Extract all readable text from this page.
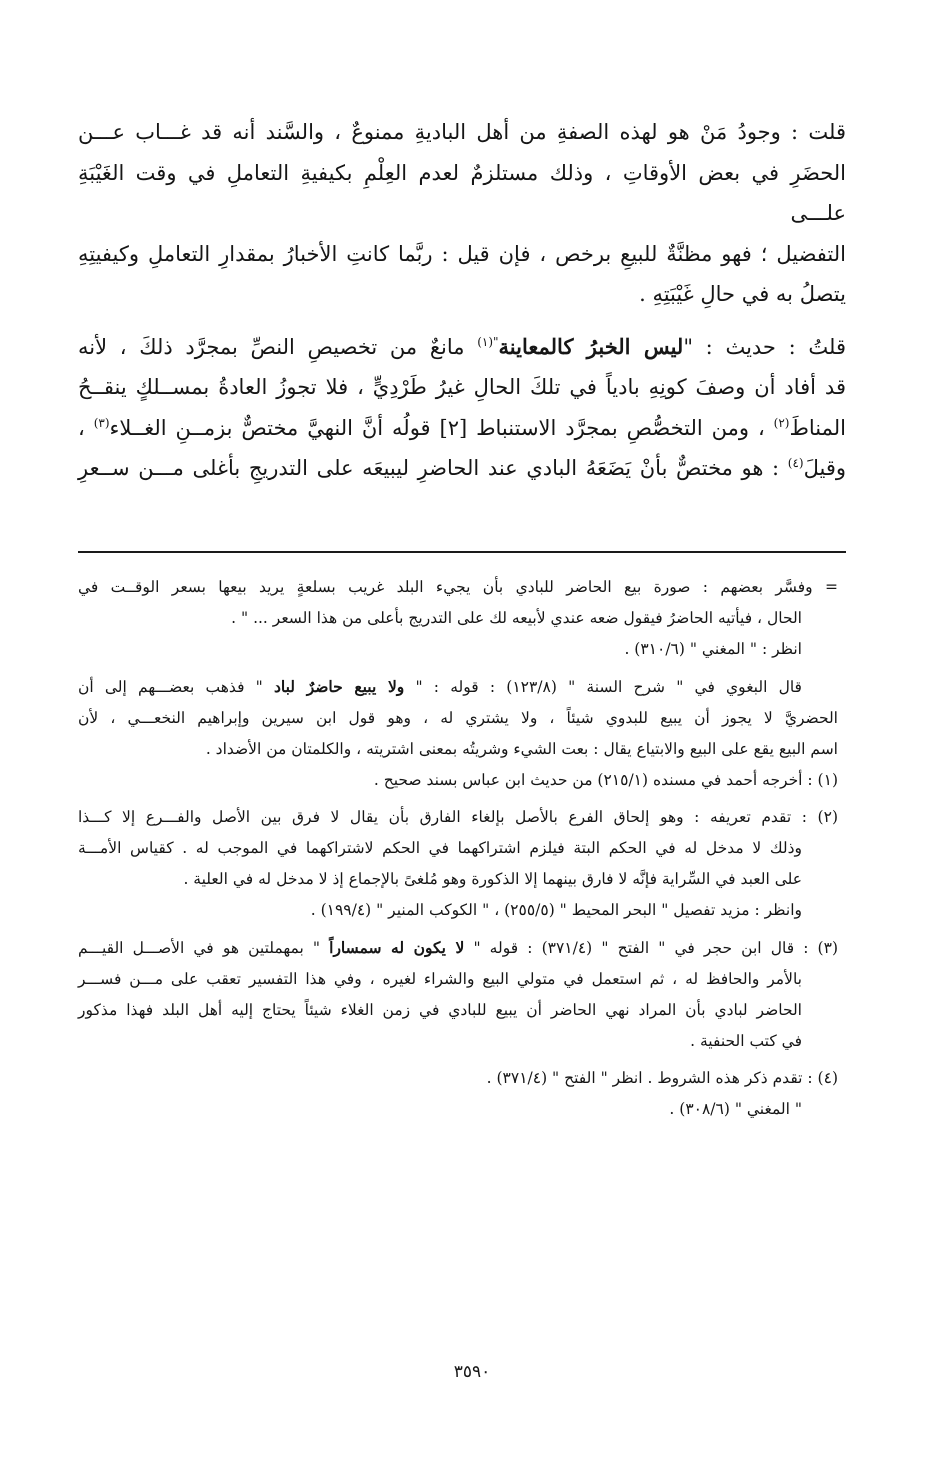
قلت : وجودُ مَنْ هو لهذه الصفةِ من أهل الباديةِ ممنوعٌ ، والسَّند أنه قد غـــاب عـــن

الحضَرِ في بعض الأوقاتِ ، وذلك مستلزمٌ لعدم العِلْمِ بكيفيةِ التعاملِ في وقت الغَيْبَةِ علـــى

التفضيل ؛ فهو مظنَّةٌ للبيعِ برخص ، فإن قيل : ربَّما كانتِ الأخبارُ بمقدارِ التعاملِ وكيفيتِهِ

يتصلُ به في حالِ غَيْبَتِهِ .

قلتُ : حديث : "ليس الخبرُ كالمعاينة$^{"(١)}$ مانعٌ من تخصيصِ النصِّ بمجرَّد ذلكَ ، لأنه

قد أفاد أن وصفَ كونِهِ بادياً في تلكَ الحالِ غيرُ طَرْدِيٍّ ، فلا تجوزُ العادةُ بمســلكٍ ينقــحُ

المناطَ$^{(٢)}$ ، ومن التخصُّصِ بمجرَّد الاستنباط [٢] قولُه أنَّ النهيَّ مختصٌّ بزمــنِ الغــلاء$^{(٣)}$ ،

وقيلَ$^{(٤)}$ : هو مختصٌّ بأنْ يَضَعَهُ البادي عند الحاضرِ ليبيعَه على التدريجِ بأغلى مـــن ســعرِ

= وفسَّر بعضهم : صورة بيع الحاضر للبادي بأن يجيء البلد غريب بسلعةٍ يريد بيعها بسعر الوقــت في

الحال ، فيأتيه الحاضرُ فيقول ضعه عندي لأبيعه لك على التدريج بأعلى من هذا السعر ... " .

انظر : " المغني " (٣١٠/٦) .

قال البغوي في " شرح السنة " (١٢٣/٨) : قوله : " ولا يبيع حاضرٌ لباد " فذهب بعضـــهم إلى أن

الحضريَّ لا يجوز أن يبيع للبدوي شيئاً ، ولا يشتري له ، وهو قول ابن سيرين وإبراهيم النخعـــي ، لأن

اسم البيع يقع على البيع والابتياع يقال : بعت الشيء وشريتُه بمعنى اشتريته ، والكلمتان من الأضداد .

(١) : أخرجه أحمد في مسنده (٢١٥/١) من حديث ابن عباس بسند صحيح .

(٢) : تقدم تعريفه : وهو إلحاق الفرع بالأصل بإلغاء الفارق بأن يقال لا فرق بين الأصل والفـــرع إلا كـــذا

وذلك لا مدخل له في الحكم البتة فيلزم اشتراكهما في الحكم لاشتراكهما في الموجب له . كقياس الأمـــة

على العبد في السِّراية فإنَّه لا فارق بينهما إلا الذكورة وهو مُلغىً بالإجماع إذ لا مدخل له في العلية .

وانظر : مزيد تفصيل " البحر المحيط " (٢٥٥/٥) ، " الكوكب المنير " (١٩٩/٤) .

(٣) : قال ابن حجر في " الفتح " (٣٧١/٤) : قوله " لا يكون له سمساراً " بمهملتين هو في الأصـــل القيـــم

بالأمر والحافظ له ، ثم استعمل في متولي البيع والشراء لغيره ، وفي هذا التفسير تعقب على مـــن فســـر

الحاضر لبادي بأن المراد نهي الحاضر أن يبيع للبادي في زمن الغلاء شيئاً يحتاج إليه أهل البلد فهذا مذكور

في كتب الحنفية .

(٤) : تقدم ذكر هذه الشروط . انظر " الفتح " (٣٧١/٤) .

" المغني " (٣٠٨/٦) .

٣٥٩٠
